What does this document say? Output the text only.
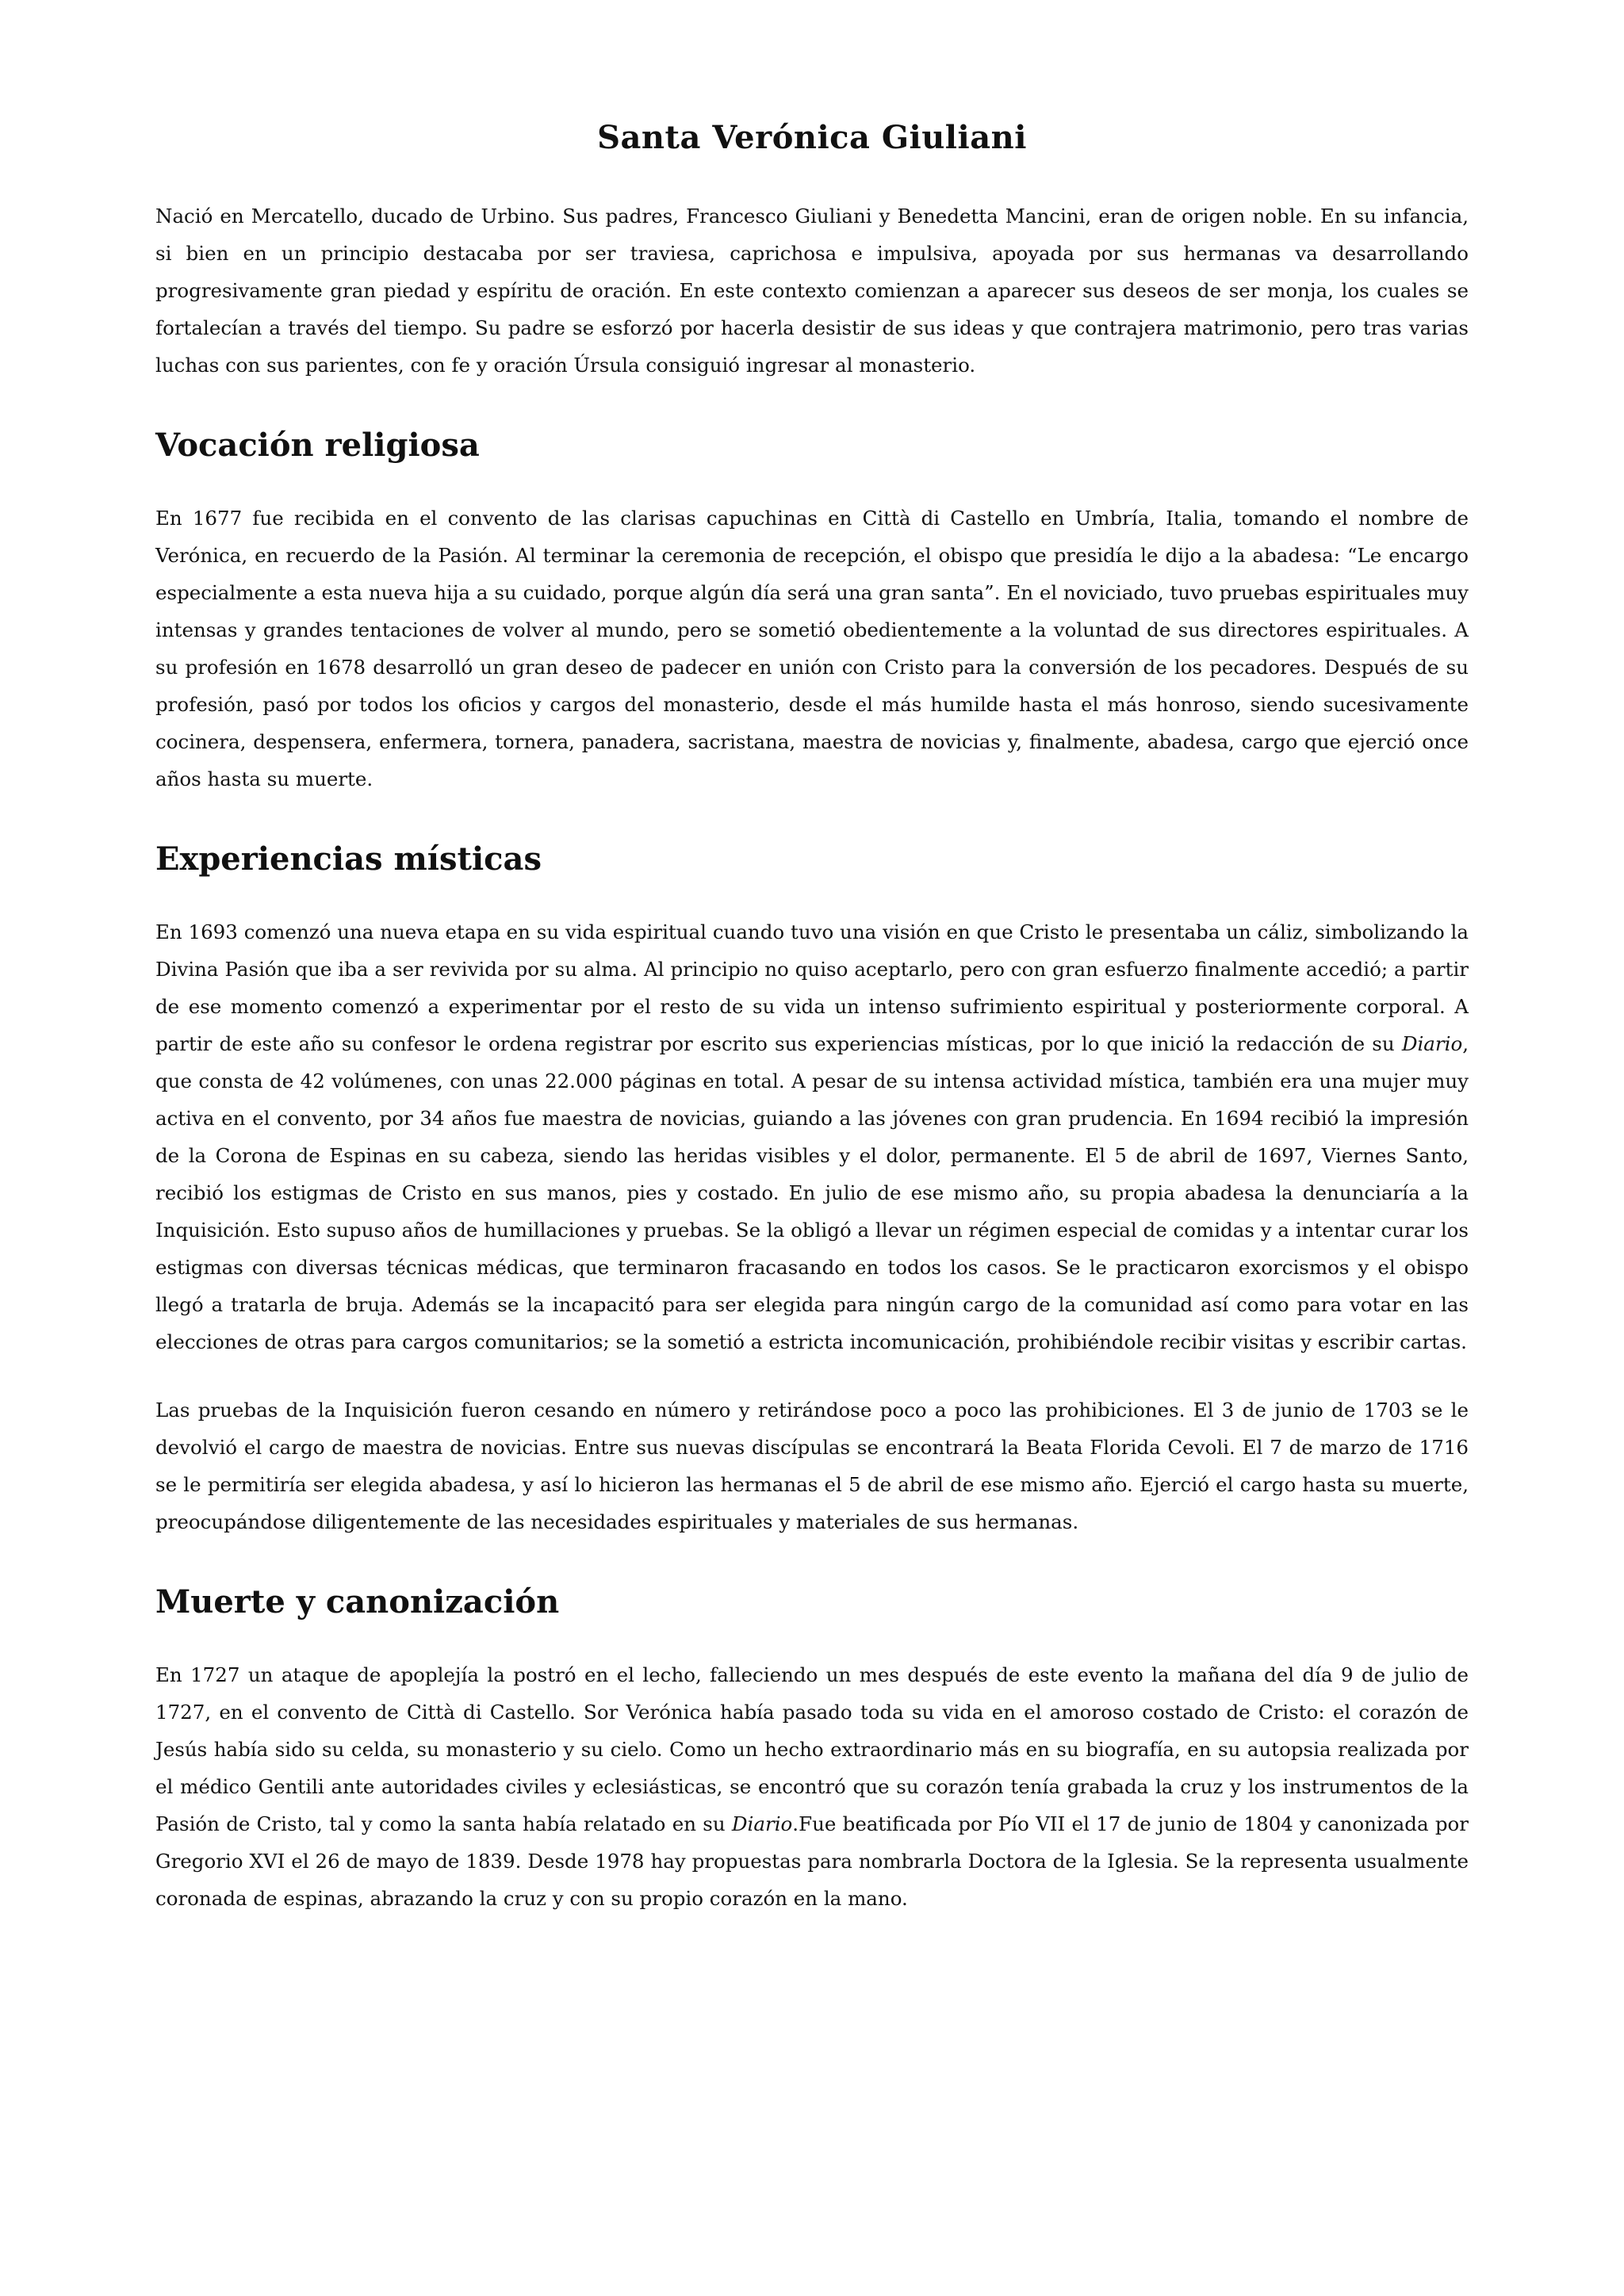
Santa Verónica Giuliani

Nació en Mercatello, ducado de Urbino. Sus padres, Francesco Giuliani y Benedetta Mancini, eran de origen noble. En su infancia, si bien en un principio destacaba por ser traviesa, caprichosa e impulsiva, apoyada por sus hermanas va desarrollando progresivamente gran piedad y espíritu de oración. En este contexto comienzan a aparecer sus deseos de ser monja, los cuales se fortalecían a través del tiempo. Su padre se esforzó por hacerla desistir de sus ideas y que contrajera matrimonio, pero tras varias luchas con sus parientes, con fe y oración Úrsula consiguió ingresar al monasterio.

Vocación religiosa

En 1677 fue recibida en el convento de las clarisas capuchinas en Città di Castello en Umbría, Italia, tomando el nombre de Verónica, en recuerdo de la Pasión. Al terminar la ceremonia de recepción, el obispo que presidía le dijo a la abadesa: “Le encargo especialmente a esta nueva hija a su cuidado, porque algún día será una gran santa”. En el noviciado, tuvo pruebas espirituales muy intensas y grandes tentaciones de volver al mundo, pero se sometió obedientemente a la voluntad de sus directores espirituales. A su profesión en 1678 desarrolló un gran deseo de padecer en unión con Cristo para la conversión de los pecadores. Después de su profesión, pasó por todos los oficios y cargos del monasterio, desde el más humilde hasta el más honroso, siendo sucesivamente cocinera, despensera, enfermera, tornera, panadera, sacristana, maestra de novicias y, finalmente, abadesa, cargo que ejerció once años hasta su muerte.

Experiencias místicas

En 1693 comenzó una nueva etapa en su vida espiritual cuando tuvo una visión en que Cristo le presentaba un cáliz, simbolizando la Divina Pasión que iba a ser revivida por su alma. Al principio no quiso aceptarlo, pero con gran esfuerzo finalmente accedió; a partir de ese momento comenzó a experimentar por el resto de su vida un intenso sufrimiento espiritual y posteriormente corporal. A partir de este año su confesor le ordena registrar por escrito sus experiencias místicas, por lo que inició la redacción de su Diario, que consta de 42 volúmenes, con unas 22.000 páginas en total. A pesar de su intensa actividad mística, también era una mujer muy activa en el convento, por 34 años fue maestra de novicias, guiando a las jóvenes con gran prudencia. En 1694 recibió la impresión de la Corona de Espinas en su cabeza, siendo las heridas visibles y el dolor, permanente. El 5 de abril de 1697, Viernes Santo, recibió los estigmas de Cristo en sus manos, pies y costado. En julio de ese mismo año, su propia abadesa la denunciaría a la Inquisición. Esto supuso años de humillaciones y pruebas. Se la obligó a llevar un régimen especial de comidas y a intentar curar los estigmas con diversas técnicas médicas, que terminaron fracasando en todos los casos. Se le practicaron exorcismos y el obispo llegó a tratarla de bruja. Además se la incapacitó para ser elegida para ningún cargo de la comunidad así como para votar en las elecciones de otras para cargos comunitarios; se la sometió a estricta incomunicación, prohibiéndole recibir visitas y escribir cartas.

Las pruebas de la Inquisición fueron cesando en número y retirándose poco a poco las prohibiciones. El 3 de junio de 1703 se le devolvió el cargo de maestra de novicias. Entre sus nuevas discípulas se encontrará la Beata Florida Cevoli. El 7 de marzo de 1716 se le permitiría ser elegida abadesa, y así lo hicieron las hermanas el 5 de abril de ese mismo año. Ejerció el cargo hasta su muerte, preocupándose diligentemente de las necesidades espirituales y materiales de sus hermanas.

Muerte y canonización

En 1727 un ataque de apoplejía la postró en el lecho, falleciendo un mes después de este evento la mañana del día 9 de julio de 1727, en el convento de Città di Castello. Sor Verónica había pasado toda su vida en el amoroso costado de Cristo: el corazón de Jesús había sido su celda, su monasterio y su cielo. Como un hecho extraordinario más en su biografía, en su autopsia realizada por el médico Gentili ante autoridades civiles y eclesiásticas, se encontró que su corazón tenía grabada la cruz y los instrumentos de la Pasión de Cristo, tal y como la santa había relatado en su Diario.Fue beatificada por Pío VII el 17 de junio de 1804 y canonizada por Gregorio XVI el 26 de mayo de 1839. Desde 1978 hay propuestas para nombrarla Doctora de la Iglesia. Se la representa usualmente coronada de espinas, abrazando la cruz y con su propio corazón en la mano.
